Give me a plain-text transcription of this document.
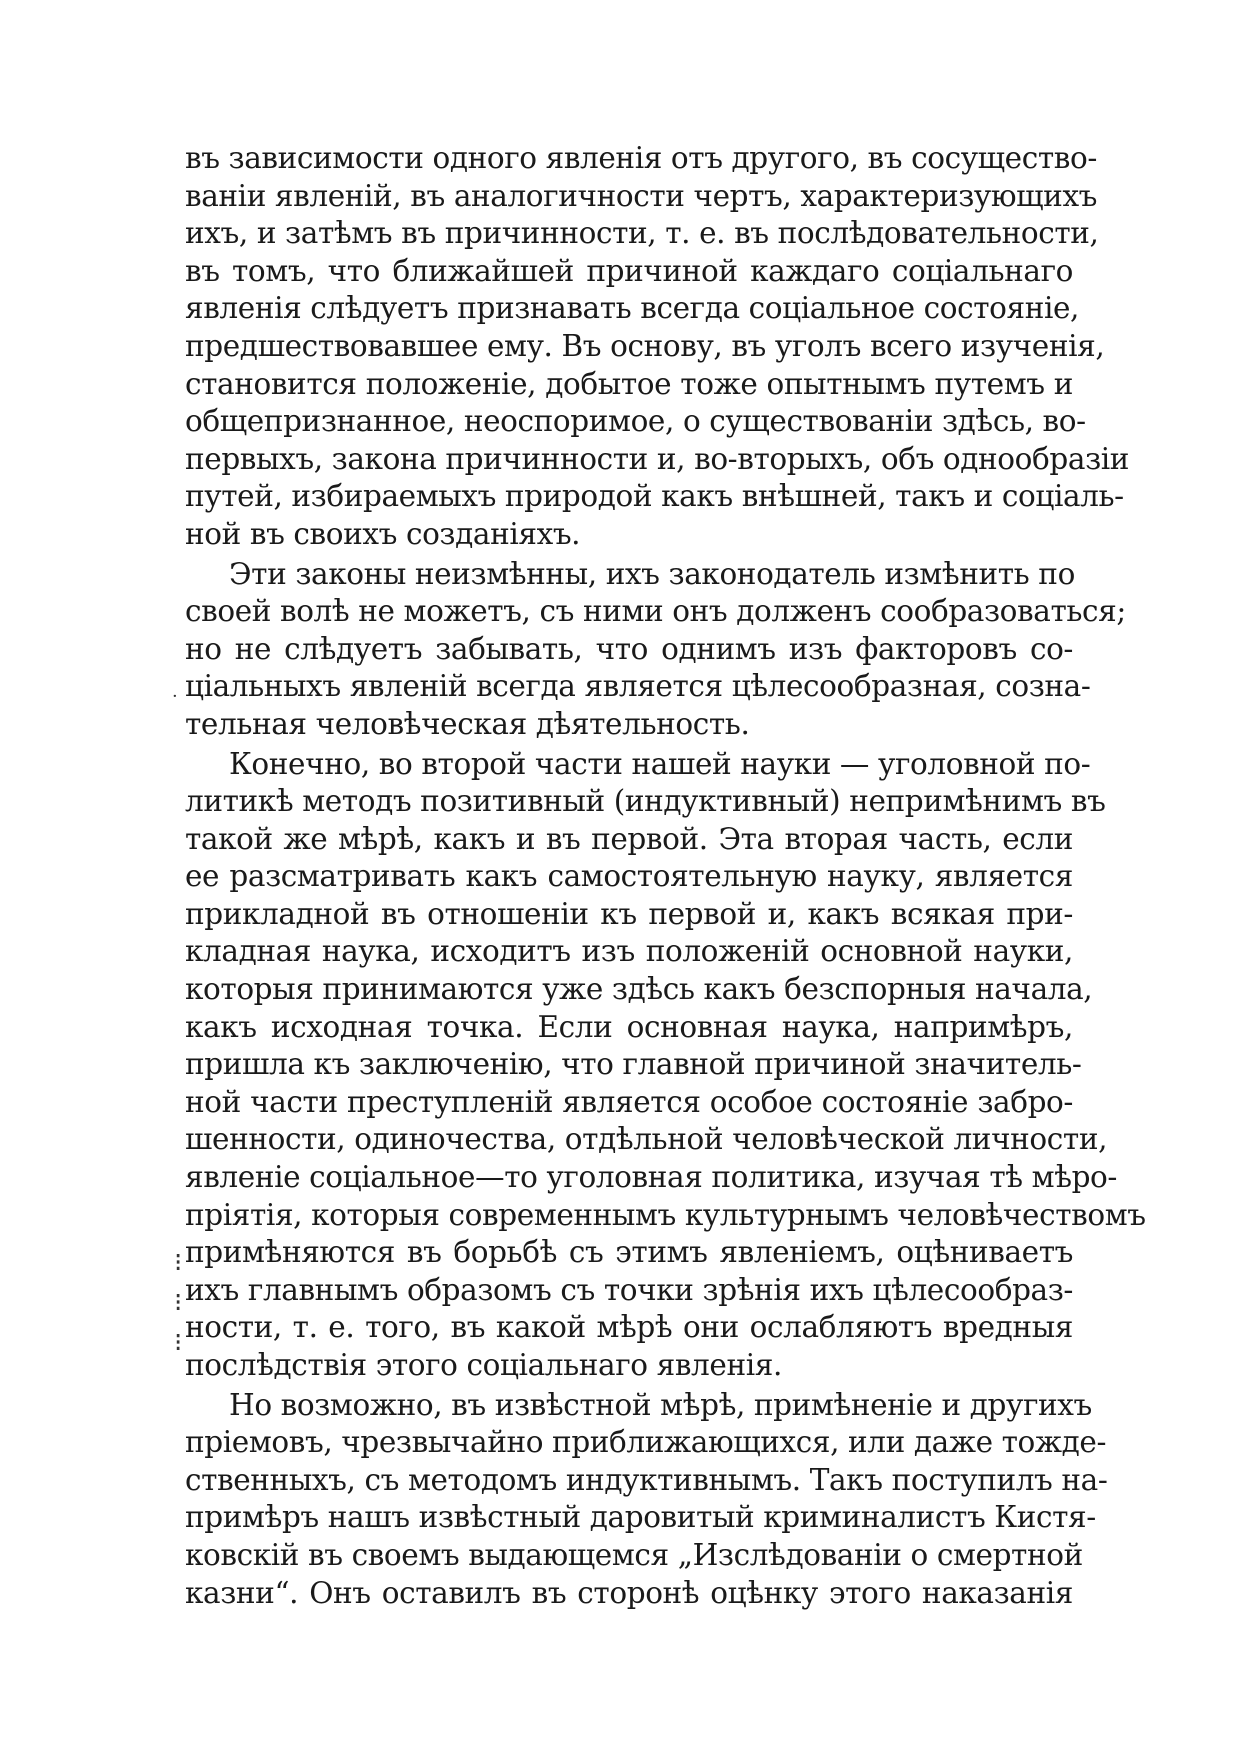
въ зависимости одного явленія отъ другого, въ сосущество-
ваніи явленій, въ аналогичности чертъ, характеризующихъ
ихъ, и затѣмъ въ причинности, т. е. въ послѣдовательности,
въ томъ, что ближайшей причиной каждаго соціальнаго
явленія слѣдуетъ признавать всегда соціальное состояніе,
предшествовавшее ему. Въ основу, въ уголъ всего изученія,
становится положеніе, добытое тоже опытнымъ путемъ и
общепризнанное, неоспоримое, о существованіи здѣсь, во-
первыхъ, закона причинности и, во-вторыхъ, объ однообразіи
путей, избираемыхъ природой какъ внѣшней, такъ и соціаль-
ной въ своихъ созданіяхъ.
Эти законы неизмѣнны, ихъ законодатель измѣнить по
своей волѣ не можетъ, съ ними онъ долженъ сообразоваться;
но не слѣдуетъ забывать, что однимъ изъ факторовъ со-
ціальныхъ явленій всегда является цѣлесообразная, созна-
тельная человѣческая дѣятельность.
Конечно, во второй части нашей науки — уголовной по-
литикѣ методъ позитивный (индуктивный) непримѣнимъ въ
такой же мѣрѣ, какъ и въ первой. Эта вторая часть, если
ее разсматривать какъ самостоятельную науку, является
прикладной въ отношеніи къ первой и, какъ всякая при-
кладная наука, исходитъ изъ положеній основной науки,
которыя принимаются уже здѣсь какъ безспорныя начала,
какъ исходная точка. Если основная наука, напримѣръ,
пришла къ заключенію, что главной причиной значитель-
ной части преступленій является особое состояніе забро-
шенности, одиночества, отдѣльной человѣческой личности,
явленіе соціальное—то уголовная политика, изучая тѣ мѣро-
пріятія, которыя современнымъ культурнымъ человѣчествомъ
примѣняются въ борьбѣ съ этимъ явленіемъ, оцѣниваетъ
ихъ главнымъ образомъ съ точки зрѣнія ихъ цѣлесообраз-
ности, т. е. того, въ какой мѣрѣ они ослабляютъ вредныя
послѣдствія этого соціальнаго явленія.
Но возможно, въ извѣстной мѣрѣ, примѣненіе и другихъ
пріемовъ, чрезвычайно приближающихся, или даже тожде-
ственныхъ, съ методомъ индуктивнымъ. Такъ поступилъ на-
примѣръ нашъ извѣстный даровитый криминалистъ Кистя-
ковскій въ своемъ выдающемся „Изслѣдованіи о смертной
казни“. Онъ оставилъ въ сторонѣ оцѣнку этого наказанія
·
⁝
⁝
⁝
